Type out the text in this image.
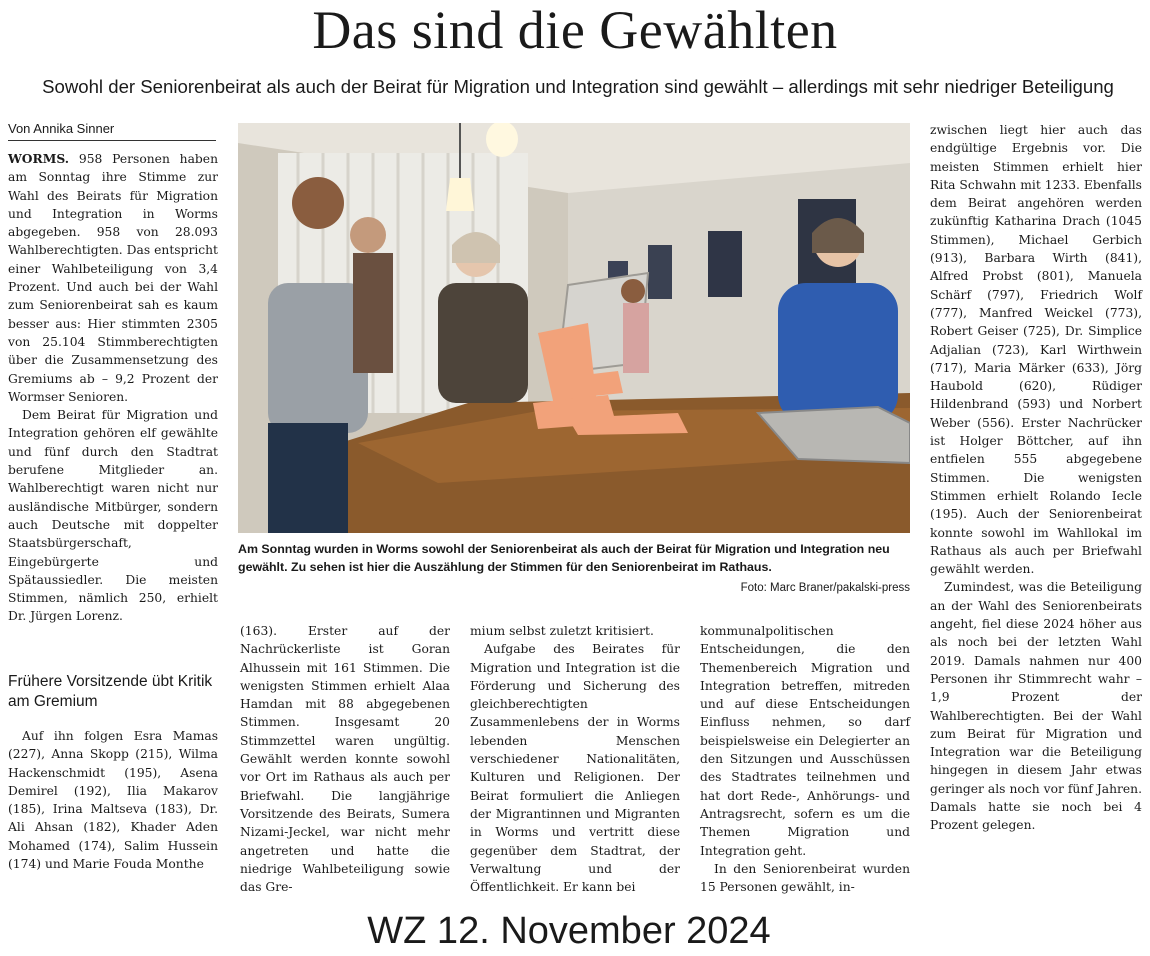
Das sind die Gewählten
Sowohl der Seniorenbeirat als auch der Beirat für Migration und Integration sind gewählt – allerdings mit sehr niedriger Beteiligung
Von Annika Sinner

WORMS. 958 Personen haben am Sonntag ihre Stimme zur Wahl des Beirats für Migration und Integration in Worms abgegeben. 958 von 28.093 Wahlberechtigten. Das entspricht einer Wahlbeteiligung von 3,4 Prozent. Und auch bei der Wahl zum Seniorenbeirat sah es kaum besser aus: Hier stimmten 2305 von 25.104 Stimmberechtigten über die Zusammensetzung des Gremiums ab – 9,2 Prozent der Wormser Senioren.

Dem Beirat für Migration und Integration gehören elf gewählte und fünf durch den Stadtrat berufene Mitglieder an. Wahlberechtigt waren nicht nur ausländische Mitbürger, sondern auch Deutsche mit doppelter Staatsbürgerschaft, Eingebürgerte und Spätaussiedler. Die meisten Stimmen, nämlich 250, erhielt Dr. Jürgen Lorenz.

Frühere Vorsitzende übt Kritik am Gremium

Auf ihn folgen Esra Mamas (227), Anna Skopp (215), Wilma Hackenschmidt (195), Asena Demirel (192), Ilia Makarov (185), Irina Maltseva (183), Dr. Ali Ahsan (182), Khader Aden Mohamed (174), Salim Hussein (174) und Marie Fouda Monthe

Am Sonntag wurden in Worms sowohl der Seniorenbeirat als auch der Beirat für Migration und Integration neu gewählt. Zu sehen ist hier die Auszählung der Stimmen für den Seniorenbeirat im Rathaus.
Foto: Marc Braner/pakalski-press

(163). Erster auf der Nachrückerliste ist Goran Alhussein mit 161 Stimmen. Die wenigsten Stimmen erhielt Alaa Hamdan mit 88 abgegebenen Stimmen. Insgesamt 20 Stimmzettel waren ungültig. Gewählt werden konnte sowohl vor Ort im Rathaus als auch per Briefwahl. Die langjährige Vorsitzende des Beirats, Sumera Nizami-Jeckel, war nicht mehr angetreten und hatte die niedrige Wahlbeteiligung sowie das Gre-

mium selbst zuletzt kritisiert.

Aufgabe des Beirates für Migration und Integration ist die Förderung und Sicherung des gleichberechtigten Zusammenlebens der in Worms lebenden Menschen verschiedener Nationalitäten, Kulturen und Religionen. Der Beirat formuliert die Anliegen der Migrantinnen und Migranten in Worms und vertritt diese gegenüber dem Stadtrat, der Verwaltung und der Öffentlichkeit. Er kann bei

kommunalpolitischen Entscheidungen, die den Themenbereich Migration und Integration betreffen, mitreden und auf diese Entscheidungen Einfluss nehmen, so darf beispielsweise ein Delegierter an den Sitzungen und Ausschüssen des Stadtrates teilnehmen und hat dort Rede-, Anhörungs- und Antragsrecht, sofern es um die Themen Migration und Integration geht.

In den Seniorenbeirat wurden 15 Personen gewählt, in-

zwischen liegt hier auch das endgültige Ergebnis vor. Die meisten Stimmen erhielt hier Rita Schwahn mit 1233. Ebenfalls dem Beirat angehören werden zukünftig Katharina Drach (1045 Stimmen), Michael Gerbich (913), Barbara Wirth (841), Alfred Probst (801), Manuela Schärf (797), Friedrich Wolf (777), Manfred Weickel (773), Robert Geiser (725), Dr. Simplice Adjalian (723), Karl Wirthwein (717), Maria Märker (633), Jörg Haubold (620), Rüdiger Hildenbrand (593) und Norbert Weber (556). Erster Nachrücker ist Holger Böttcher, auf ihn entfielen 555 abgegebene Stimmen. Die wenigsten Stimmen erhielt Rolando Iecle (195). Auch der Seniorenbeirat konnte sowohl im Wahllokal im Rathaus als auch per Briefwahl gewählt werden.

Zumindest, was die Beteiligung an der Wahl des Seniorenbeirats angeht, fiel diese 2024 höher aus als noch bei der letzten Wahl 2019. Damals nahmen nur 400 Personen ihr Stimmrecht wahr – 1,9 Prozent der Wahlberechtigten. Bei der Wahl zum Beirat für Migration und Integration war die Beteiligung hingegen in diesem Jahr etwas geringer als noch vor fünf Jahren. Damals hatte sie noch bei 4 Prozent gelegen.

WZ 12. November 2024
